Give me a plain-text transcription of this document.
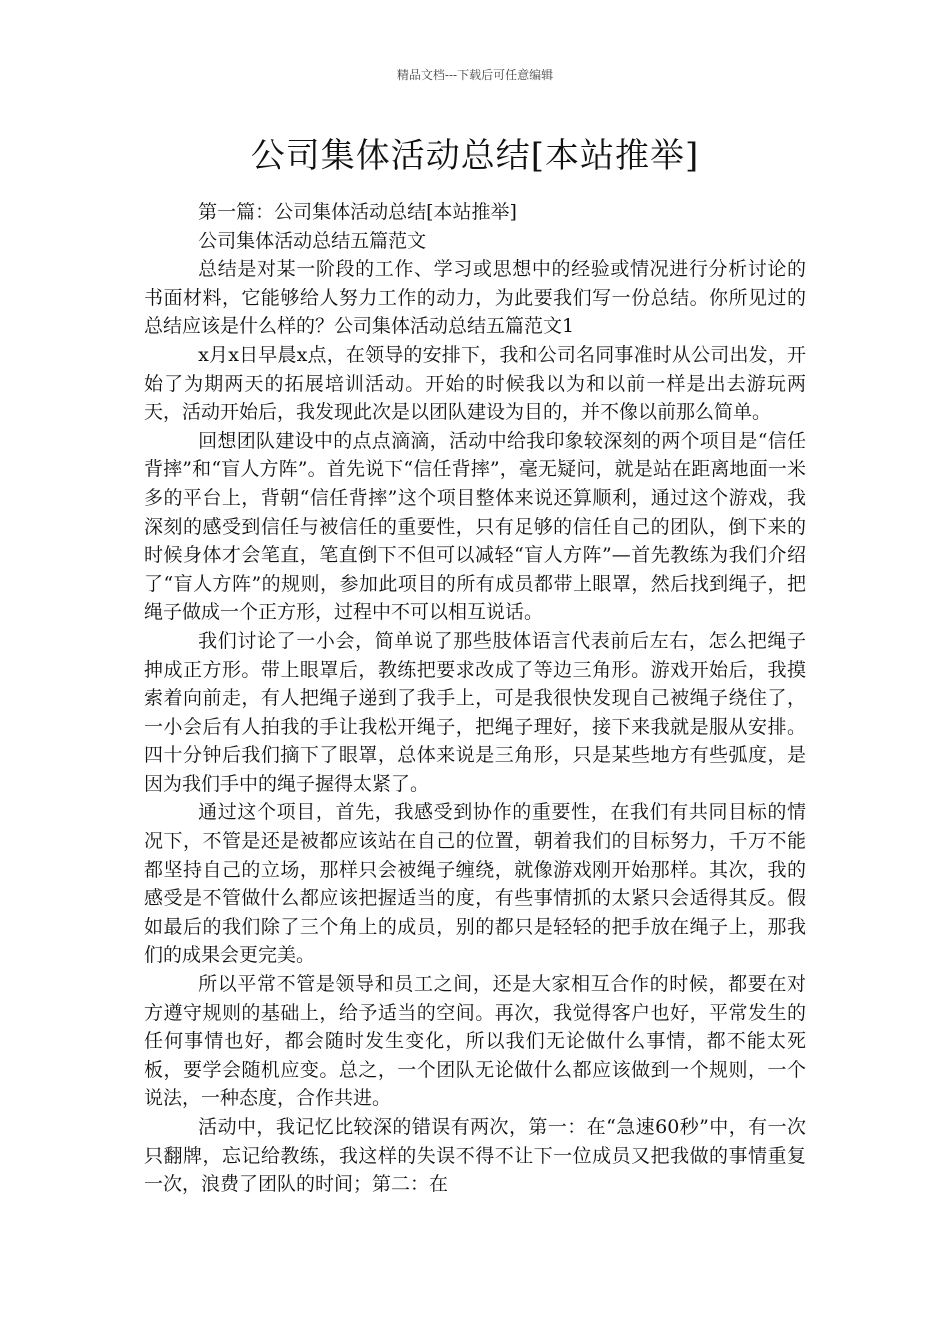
精品文档---下载后可任意编辑
公司集体活动总结[本站推举]

第一篇：公司集体活动总结[本站推举]

公司集体活动总结五篇范文

总结是对某一阶段的工作、学习或思想中的经验或情况进行分析讨论的书面材料，它能够给人努力工作的动力，为此要我们写一份总结。你所见过的总结应该是什么样的？公司集体活动总结五篇范文1

x月x日早晨x点，在领导的安排下，我和公司名同事准时从公司出发，开始了为期两天的拓展培训活动。开始的时候我以为和以前一样是出去游玩两天，活动开始后，我发现此次是以团队建设为目的，并不像以前那么简单。

回想团队建设中的点点滴滴，活动中给我印象较深刻的两个项目是“信任背摔”和“盲人方阵”。首先说下“信任背摔”，毫无疑问，就是站在距离地面一米多的平台上，背朝“信任背摔”这个项目整体来说还算顺利，通过这个游戏，我深刻的感受到信任与被信任的重要性，只有足够的信任自己的团队，倒下来的时候身体才会笔直，笔直倒下不但可以减轻“盲人方阵”—首先教练为我们介绍了“盲人方阵”的规则，参加此项目的所有成员都带上眼罩，然后找到绳子，把绳子做成一个正方形，过程中不可以相互说话。

我们讨论了一小会，简单说了那些肢体语言代表前后左右，怎么把绳子抻成正方形。带上眼罩后，教练把要求改成了等边三角形。游戏开始后，我摸索着向前走，有人把绳子递到了我手上，可是我很快发现自己被绳子绕住了，一小会后有人拍我的手让我松开绳子，把绳子理好，接下来我就是服从安排。四十分钟后我们摘下了眼罩，总体来说是三角形，只是某些地方有些弧度，是因为我们手中的绳子握得太紧了。

通过这个项目，首先，我感受到协作的重要性，在我们有共同目标的情况下，不管是还是被都应该站在自己的位置，朝着我们的目标努力，千万不能都坚持自己的立场，那样只会被绳子缠绕，就像游戏刚开始那样。其次，我的感受是不管做什么都应该把握适当的度，有些事情抓的太紧只会适得其反。假如最后的我们除了三个角上的成员，别的都只是轻轻的把手放在绳子上，那我们的成果会更完美。

所以平常不管是领导和员工之间，还是大家相互合作的时候，都要在对方遵守规则的基础上，给予适当的空间。再次，我觉得客户也好，平常发生的任何事情也好，都会随时发生变化，所以我们无论做什么事情，都不能太死板，要学会随机应变。总之，一个团队无论做什么都应该做到一个规则，一个说法，一种态度，合作共进。

活动中，我记忆比较深的错误有两次，第一：在“急速60秒”中，有一次只翻牌，忘记给教练，我这样的失误不得不让下一位成员又把我做的事情重复一次，浪费了团队的时间；第二：在
